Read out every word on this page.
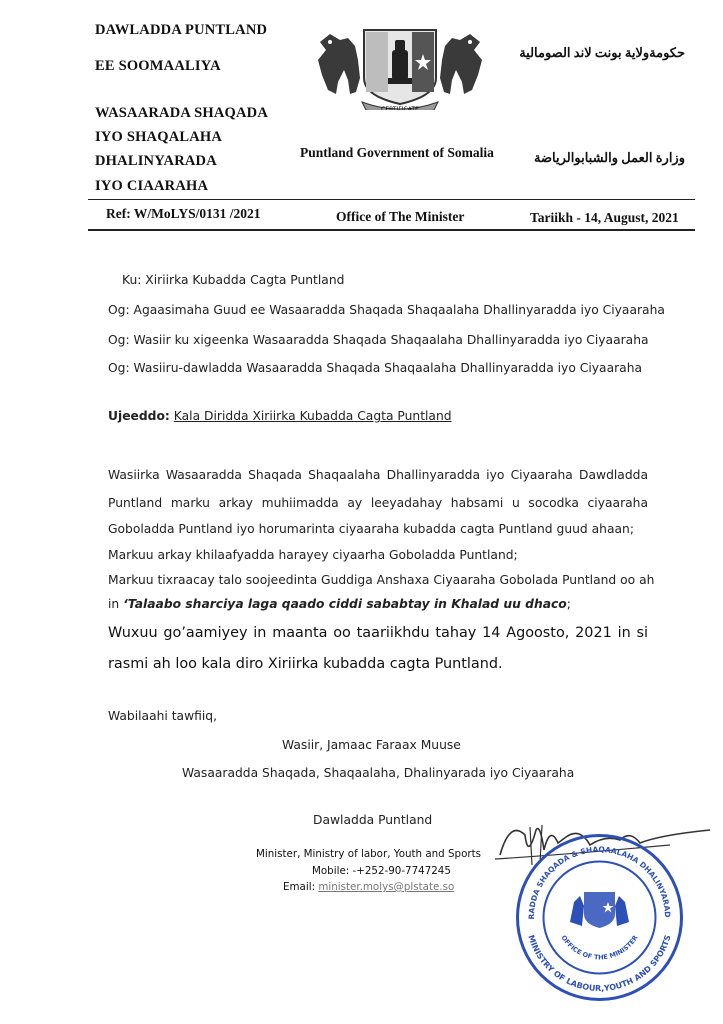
DAWLADDA PUNTLAND
EE SOOMAALIYA
WASAARADA SHAQADA
IYO SHAQALAHA
DHALINYARADA
IYO CIAARAHA
حكومةولاية بونت لاند الصومالية
وزارة العمل والشبابوالرياضة
Puntland Government of Somalia
CERTIFICATE
Ref: W/MoLYS/0131 /2021	Office of The Minister	Tariikh - 14, August, 2021
Ku: Xiriirka Kubadda Cagta Puntland
Og: Agaasimaha Guud ee Wasaaradda Shaqada Shaqaalaha Dhallinyaradda iyo Ciyaaraha
Og: Wasiir ku xigeenka Wasaaradda Shaqada Shaqaalaha Dhallinyaradda iyo Ciyaaraha
Og: Wasiiru-dawladda Wasaaradda Shaqada Shaqaalaha Dhallinyaradda iyo Ciyaaraha
Ujeeddo: Kala Diridda Xiriirka Kubadda Cagta Puntland
Wasiirka Wasaaradda Shaqada Shaqaalaha Dhallinyaradda iyo Ciyaaraha Dawdladda
Puntland marku arkay muhiimadda ay leeyadahay habsami u socodka ciyaaraha
Goboladda Puntland iyo horumarinta ciyaaraha kubadda cagta Puntland guud ahaan;
Markuu arkay khilaafyadda harayey ciyaarha Goboladda Puntland;
Markuu tixraacay talo soojeedinta Guddiga Anshaxa Ciyaaraha Gobolada Puntland oo ah
in ‘Talaabo sharciya laga qaado ciddi sababtay in Khalad uu dhaco;
Wuxuu go’aamiyey in maanta oo taariikhdu tahay 14 Agoosto, 2021 in si
rasmi ah loo kala diro Xiriirka kubadda cagta Puntland.
Wabilaahi tawfiiq,
Wasiir, Jamaac Faraax Muuse
Wasaaradda Shaqada, Shaqaalaha, Dhalinyarada iyo Ciyaaraha
Dawladda Puntland
Minister, Ministry of labor, Youth and Sports
Mobile: -+252-90-7747245
Email: minister.molys@plstate.so
RADDA SHAQADA & SHAQAALAHA DHALINYARAD
MINISTRY OF LABOUR,YOUTH AND SPORTS
OFFICE OF THE MINISTER
